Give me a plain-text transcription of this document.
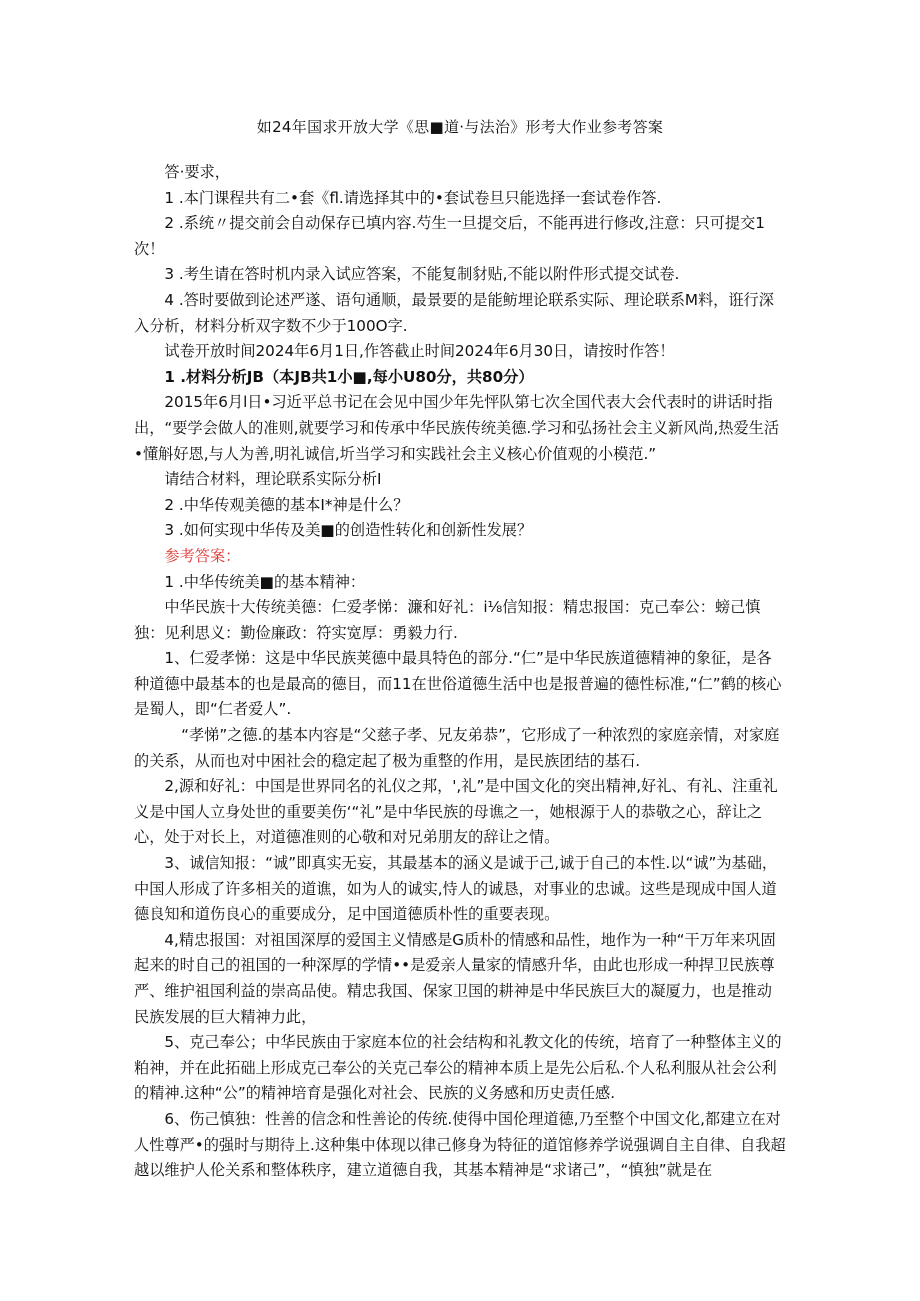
如24年国求开放大学《思■道·与法治》形考大作业参考答案

答·要求，

1 .本门课程共有二•套《fl.请选择其中的•套试卷旦只能选择一套试卷作答.

2 .系统〃提交前会自动保存已填内容.芍生一旦提交后，不能再进行修改,注意：只可提交1次！

3 .考生请在答时机内录入试应答案，不能复制豺贴,不能以附件形式提交试卷.

4 .答时要做到论述严遂、语句通顺，最景要的是能鲂埋论联系实际、理论联系M料，诳行深入分析，材料分析双字数不少于100O字.

试卷开放时间2024年6月1日,作答截止时间2024年6月30日，请按时作答！

1 .材料分析JB（本JB共1小■,每小U80分，共80分）

2015年6月l日•习近平总书记在会见中国少年先怦队第七次全国代表大会代表时的讲话时指出，“要学会做人的准则,就要学习和传承中华民族传统美德.学习和弘扬社会主义新风尚,热爱生活•懂斛好恩,与人为善,明礼诚信,圻当学习和实践社会主义核心价值观的小模范.”

请结合材料，理论联系实际分析I

2 .中华传观美德的基本I*神是什么？

3 .如何实现中华传及美■的创造性转化和创新性发展？

参考答案：

1 .中华传统美■的基本精神：

中华民族十大传统美德：仁爱孝悌：濂和好礼：i⅛信知报：精忠报国：克己奉公：螃己慎独：见利思义：勤俭廉政：符实宽厚：勇毅力行.

1、仁爱孝悌：这是中华民族荚德中最具特色的部分.“仁”是中华民族道德精神的象征，是各种道德中最基本的也是最高的德目，而11在世俗道德生活中也是报普遍的德性标准,“仁”鹤的核心是蜀人，即“仁者爱人”.

“孝悌”之德.的基本内容是“父慈子孝、兄友弟恭”，它形成了一种浓烈的家庭亲情，对家庭的关系，从而也对中困社会的稳定起了极为重整的作用，是民族团结的基石.

2,源和好礼：中国是世界同名的礼仪之邦，',礼”是中国文化的突出精神,好礼、有礼、注重礼义是中国人立身处世的重要美伤‘“礼”是中华民族的母谯之一，她根源于人的恭敬之心，辞让之心，处于对长上，对道德准则的心敬和对兄弟朋友的辞让之情。

3、诚信知报：“诚”即真实无妄，其最基本的涵义是诚于己,诚于自己的本性.以“诚”为基础，中国人形成了许多相关的道谯，如为人的诚实,恃人的诚恳，对事业的忠诚。这些是现成中国人道德良知和道伤良心的重要成分，足中国道德质朴性的重要表现。

4,精忠报国：对祖国深厚的爱国主义情感是G质朴的情感和品性，地作为一种“干万年来巩固起来的时自己的祖国的一种深厚的学情••是爱亲人量家的情感升华，由此也形成一种捍卫民族尊严、维护祖国利益的崇高品使。精忠我国、保家卫国的耕神是中华民族巨大的凝厦力，也是推动民族发展的巨大精神力此，

5、克己奉公；中华民族由于家庭本位的社会结构和礼教文化的传统，培育了一种整体主义的粕神，并在此拓础上形成克己奉公的关克己奉公的精神本质上是先公后私.个人私利服从社会公利的精神.这种“公”的精神培育是强化对社会、民族的义务感和历史责任感.

6、伤己慎独：性善的信念和性善论的传统.使得中国伦理道德,乃至整个中国文化,都建立在对人性尊严•的强时与期待上.这种集中体现以律己修身为特征的道馆修养学说强调自主自律、自我超越以维护人伦关系和整体秩序，建立道德自我，其基本精神是“求诸己”，“慎独”就是在
